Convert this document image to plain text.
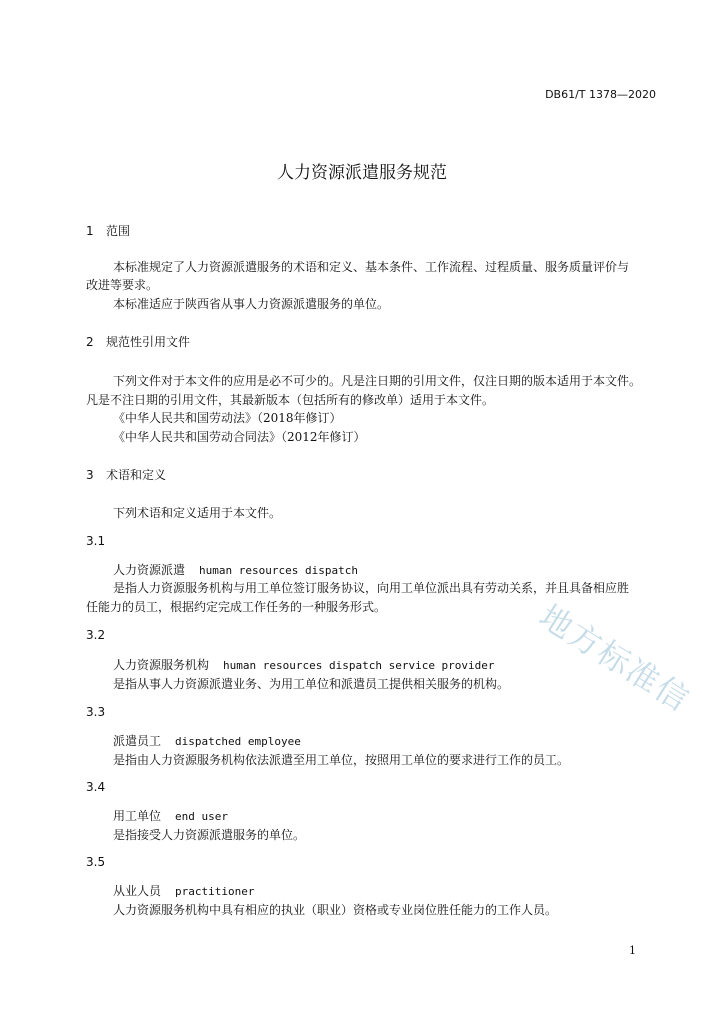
DB61/T 1378—2020
人力资源派遣服务规范
1 范围
本标准规定了人力资源派遣服务的术语和定义、基本条件、工作流程、过程质量、服务质量评价与
改进等要求。
本标准适应于陕西省从事人力资源派遣服务的单位。
2 规范性引用文件
下列文件对于本文件的应用是必不可少的。凡是注日期的引用文件，仅注日期的版本适用于本文件。
凡是不注日期的引用文件，其最新版本（包括所有的修改单）适用于本文件。
《中华人民共和国劳动法》（2018年修订）
《中华人民共和国劳动合同法》（2012年修订）
3 术语和定义
下列术语和定义适用于本文件。
3.1
人力资源派遣 human resources dispatch
是指人力资源服务机构与用工单位签订服务协议，向用工单位派出具有劳动关系，并且具备相应胜
任能力的员工，根据约定完成工作任务的一种服务形式。
3.2
人力资源服务机构 human resources dispatch service provider
是指从事人力资源派遣业务、为用工单位和派遣员工提供相关服务的机构。
3.3
派遣员工 dispatched employee
是指由人力资源服务机构依法派遣至用工单位，按照用工单位的要求进行工作的员工。
3.4
用工单位 end user
是指接受人力资源派遣服务的单位。
3.5
从业人员 practitioner
人力资源服务机构中具有相应的执业（职业）资格或专业岗位胜任能力的工作人员。
地方标准信
1
